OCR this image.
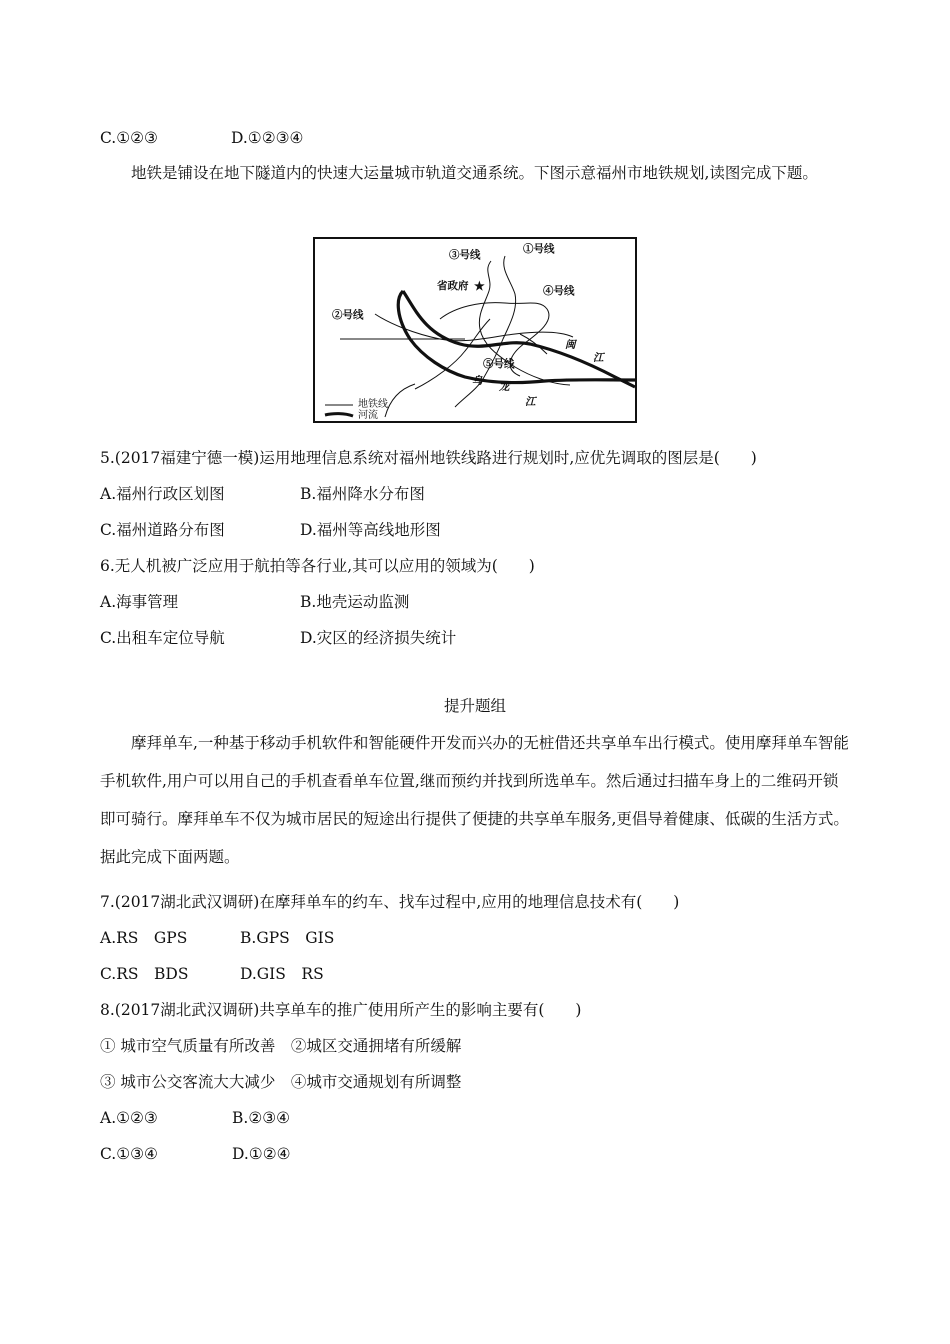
C.①②③	D.①②③④
地铁是铺设在地下隧道内的快速大运量城市轨道交通系统。下图示意福州市地铁规划,读图完成下题。
③号线	①号线
省政府 ★	④号线
②号线
⑤号线
闽
江
乌 龙
江
地铁线
河流
5.(2017福建宁德一模)运用地理信息系统对福州地铁线路进行规划时,应优先调取的图层是(　　)
A.福州行政区划图	B.福州降水分布图
C.福州道路分布图	D.福州等高线地形图
6.无人机被广泛应用于航拍等各行业,其可以应用的领域为(　　)
A.海事管理	B.地壳运动监测
C.出租车定位导航	D.灾区的经济损失统计
提升题组
摩拜单车,一种基于移动手机软件和智能硬件开发而兴办的无桩借还共享单车出行模式。使用摩拜单车智能手机软件,用户可以用自己的手机查看单车位置,继而预约并找到所选单车。然后通过扫描车身上的二维码开锁即可骑行。摩拜单车不仅为城市居民的短途出行提供了便捷的共享单车服务,更倡导着健康、低碳的生活方式。据此完成下面两题。
7.(2017湖北武汉调研)在摩拜单车的约车、找车过程中,应用的地理信息技术有(　　)
A.RS　GPS	B.GPS　GIS
C.RS　BDS	D.GIS　RS
8.(2017湖北武汉调研)共享单车的推广使用所产生的影响主要有(　　)
① 城市空气质量有所改善　②城区交通拥堵有所缓解
③ 城市公交客流大大减少　④城市交通规划有所调整
A.①②③	B.②③④
C.①③④	D.①②④
